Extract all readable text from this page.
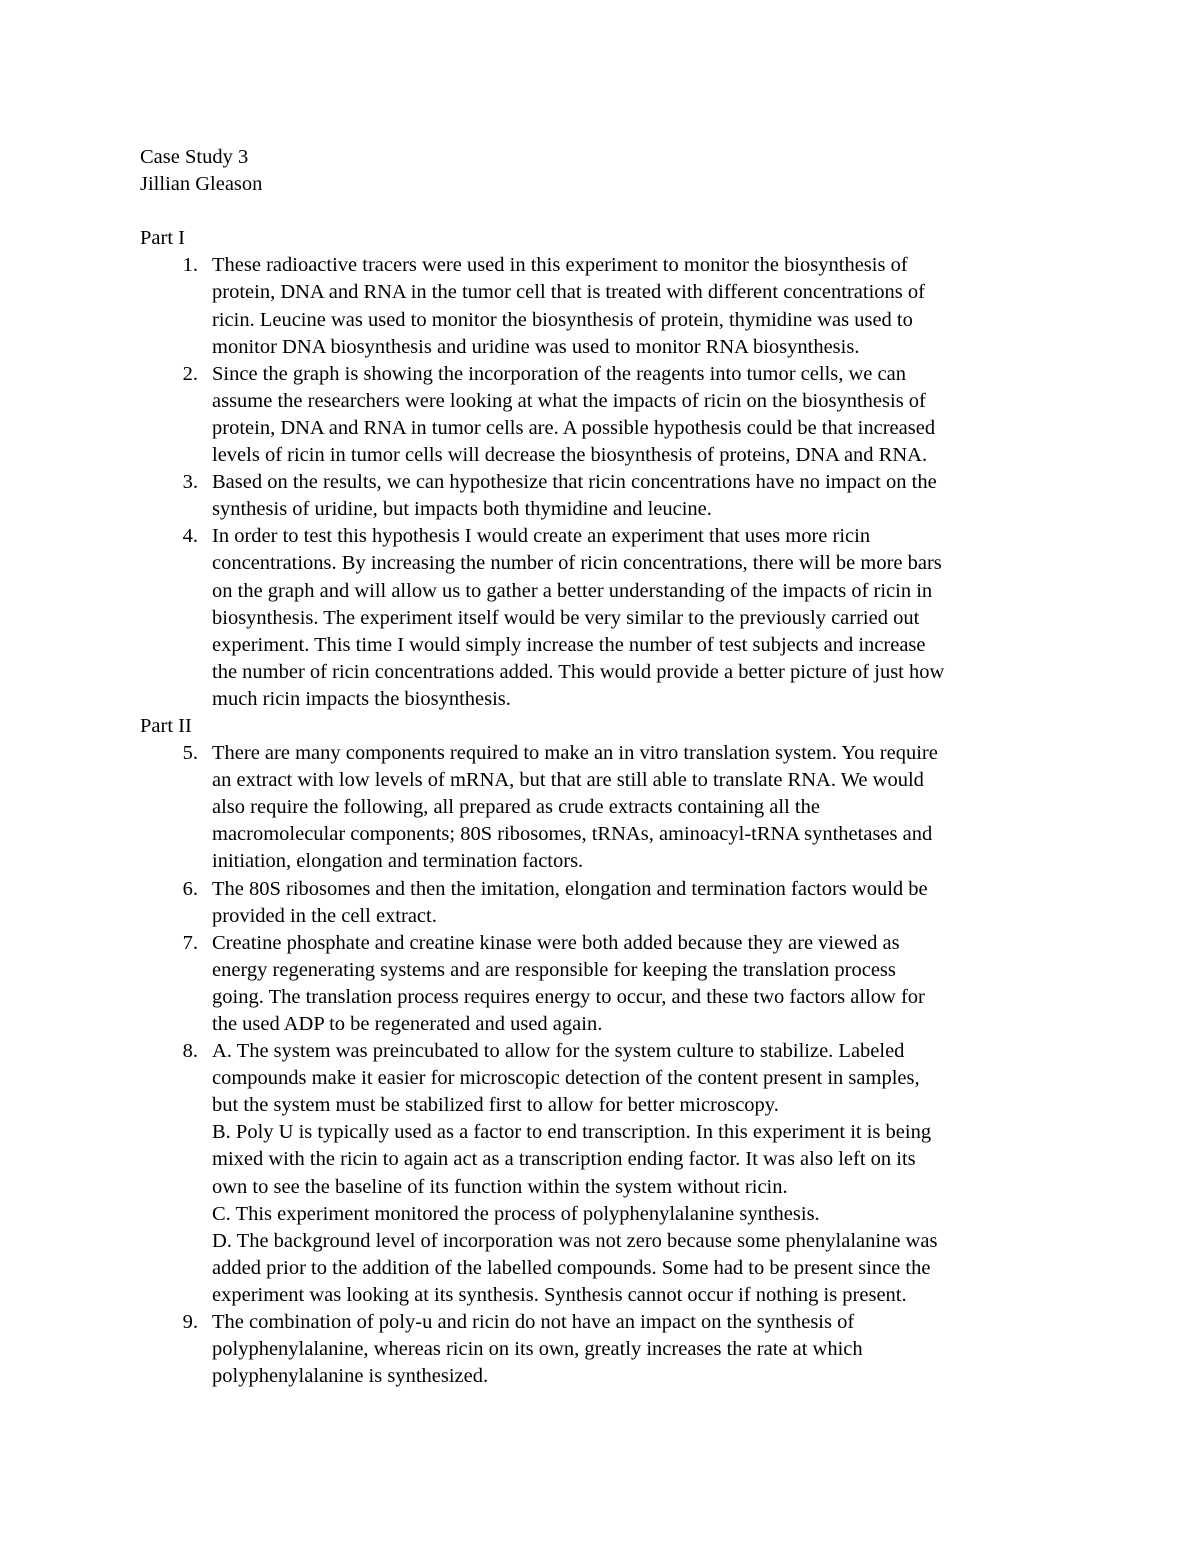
Case Study 3
Jillian Gleason
Part I
1. These radioactive tracers were used in this experiment to monitor the biosynthesis of
protein, DNA and RNA in the tumor cell that is treated with different concentrations of
ricin. Leucine was used to monitor the biosynthesis of protein, thymidine was used to
monitor DNA biosynthesis and uridine was used to monitor RNA biosynthesis.
2. Since the graph is showing the incorporation of the reagents into tumor cells, we can
assume the researchers were looking at what the impacts of ricin on the biosynthesis of
protein, DNA and RNA in tumor cells are. A possible hypothesis could be that increased
levels of ricin in tumor cells will decrease the biosynthesis of proteins, DNA and RNA.
3. Based on the results, we can hypothesize that ricin concentrations have no impact on the
synthesis of uridine, but impacts both thymidine and leucine.
4. In order to test this hypothesis I would create an experiment that uses more ricin
concentrations. By increasing the number of ricin concentrations, there will be more bars
on the graph and will allow us to gather a better understanding of the impacts of ricin in
biosynthesis. The experiment itself would be very similar to the previously carried out
experiment. This time I would simply increase the number of test subjects and increase
the number of ricin concentrations added. This would provide a better picture of just how
much ricin impacts the biosynthesis.
Part II
5. There are many components required to make an in vitro translation system. You require
an extract with low levels of mRNA, but that are still able to translate RNA. We would
also require the following, all prepared as crude extracts containing all the
macromolecular components; 80S ribosomes, tRNAs, aminoacyl-tRNA synthetases and
initiation, elongation and termination factors.
6. The 80S ribosomes and then the imitation, elongation and termination factors would be
provided in the cell extract.
7. Creatine phosphate and creatine kinase were both added because they are viewed as
energy regenerating systems and are responsible for keeping the translation process
going. The translation process requires energy to occur, and these two factors allow for
the used ADP to be regenerated and used again.
8. A. The system was preincubated to allow for the system culture to stabilize. Labeled
compounds make it easier for microscopic detection of the content present in samples,
but the system must be stabilized first to allow for better microscopy.
B. Poly U is typically used as a factor to end transcription. In this experiment it is being
mixed with the ricin to again act as a transcription ending factor. It was also left on its
own to see the baseline of its function within the system without ricin.
C. This experiment monitored the process of polyphenylalanine synthesis.
D. The background level of incorporation was not zero because some phenylalanine was
added prior to the addition of the labelled compounds. Some had to be present since the
experiment was looking at its synthesis. Synthesis cannot occur if nothing is present.
9. The combination of poly-u and ricin do not have an impact on the synthesis of
polyphenylalanine, whereas ricin on its own, greatly increases the rate at which
polyphenylalanine is synthesized.
